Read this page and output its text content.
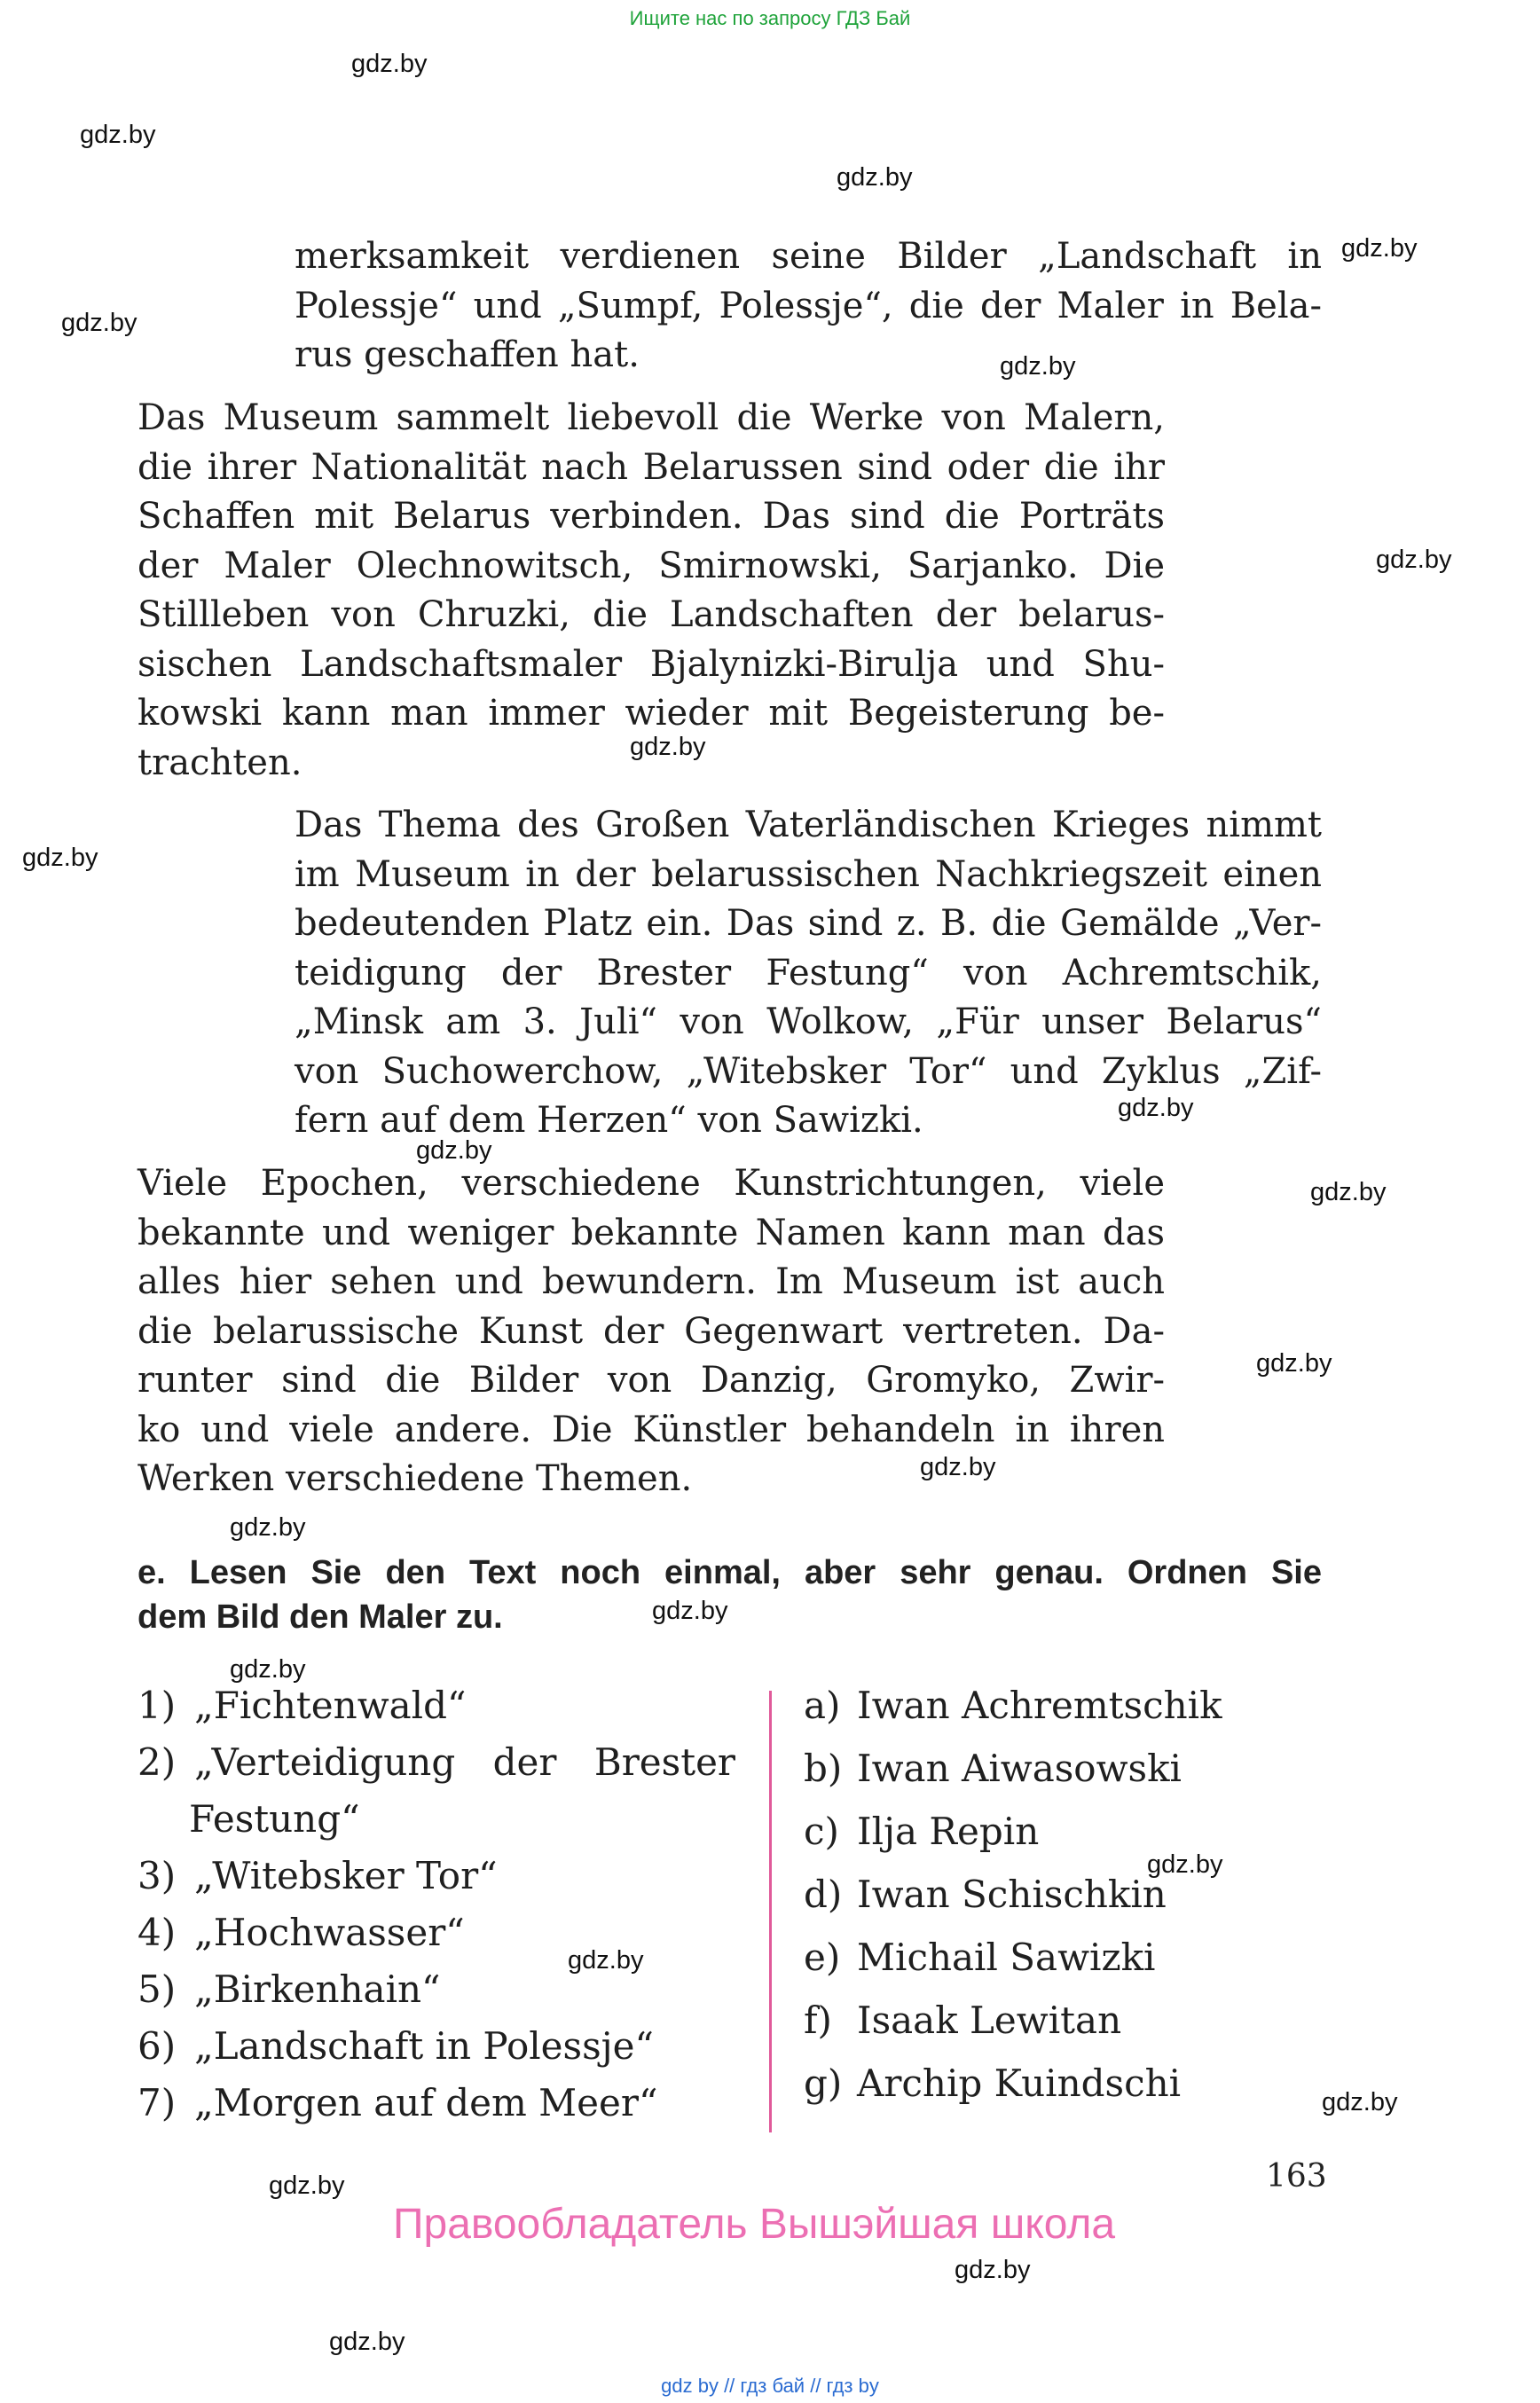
Ищите нас по запросу ГДЗ Бай
gdz.by
gdz.by
gdz.by
gdz.by
gdz.by
gdz.by
gdz.by
gdz.by
gdz.by
gdz.by
gdz.by
gdz.by
gdz.by
gdz.by
gdz.by
gdz.by
gdz.by
gdz.by
gdz.by
gdz.by
gdz.by
gdz.by
gdz.by
merksamkeit verdienen seine Bilder „Landschaft in
Polessje“ und „Sumpf, Polessje“, die der Maler in Bela-
rus geschaffen hat.
Das Museum sammelt liebevoll die Werke von Malern,
die ihrer Nationalität nach Belarussen sind oder die ihr
Schaffen mit Belarus verbinden. Das sind die Porträts
der Maler Olechnowitsch, Smirnowski, Sarjanko. Die
Stillleben von Chruzki, die Landschaften der belarus-
sischen Landschaftsmaler Bjalynizki-Birulja und Shu-
kowski kann man immer wieder mit Begeisterung be-
trachten.
Das Thema des Großen Vaterländischen Krieges nimmt
im Museum in der belarussischen Nachkriegszeit einen
bedeutenden Platz ein. Das sind z. B. die Gemälde „Ver-
teidigung der Brester Festung“ von Achremtschik,
„Minsk am 3. Juli“ von Wolkow, „Für unser Belarus“
von Suchowerchow, „Witebsker Tor“ und Zyklus „Zif-
fern auf dem Herzen“ von Sawizki.
Viele Epochen, verschiedene Kunstrichtungen, viele
bekannte und weniger bekannte Namen kann man das
alles hier sehen und bewundern. Im Museum ist auch
die belarussische Kunst der Gegenwart vertreten. Da-
runter sind die Bilder von Danzig, Gromyko, Zwir-
ko und viele andere. Die Künstler behandeln in ihren
Werken verschiedene Themen.
e. Lesen Sie den Text noch einmal, aber sehr genau. Ordnen Sie
dem Bild den Maler zu.
1) „Fichtenwald“
2) „Verteidigung der Brester
Festung“
3) „Witebsker Tor“
4) „Hochwasser“
5) „Birkenhain“
6) „Landschaft in Polessje“
7) „Morgen auf dem Meer“
a) Iwan Achremtschik
b) Iwan Aiwasowski
c) Ilja Repin
d) Iwan Schischkin
e) Michail Sawizki
f) Isaak Lewitan
g) Archip Kuindschi
163
Правообладатель Вышэйшая школа
gdz by // гдз бай // гдз by
